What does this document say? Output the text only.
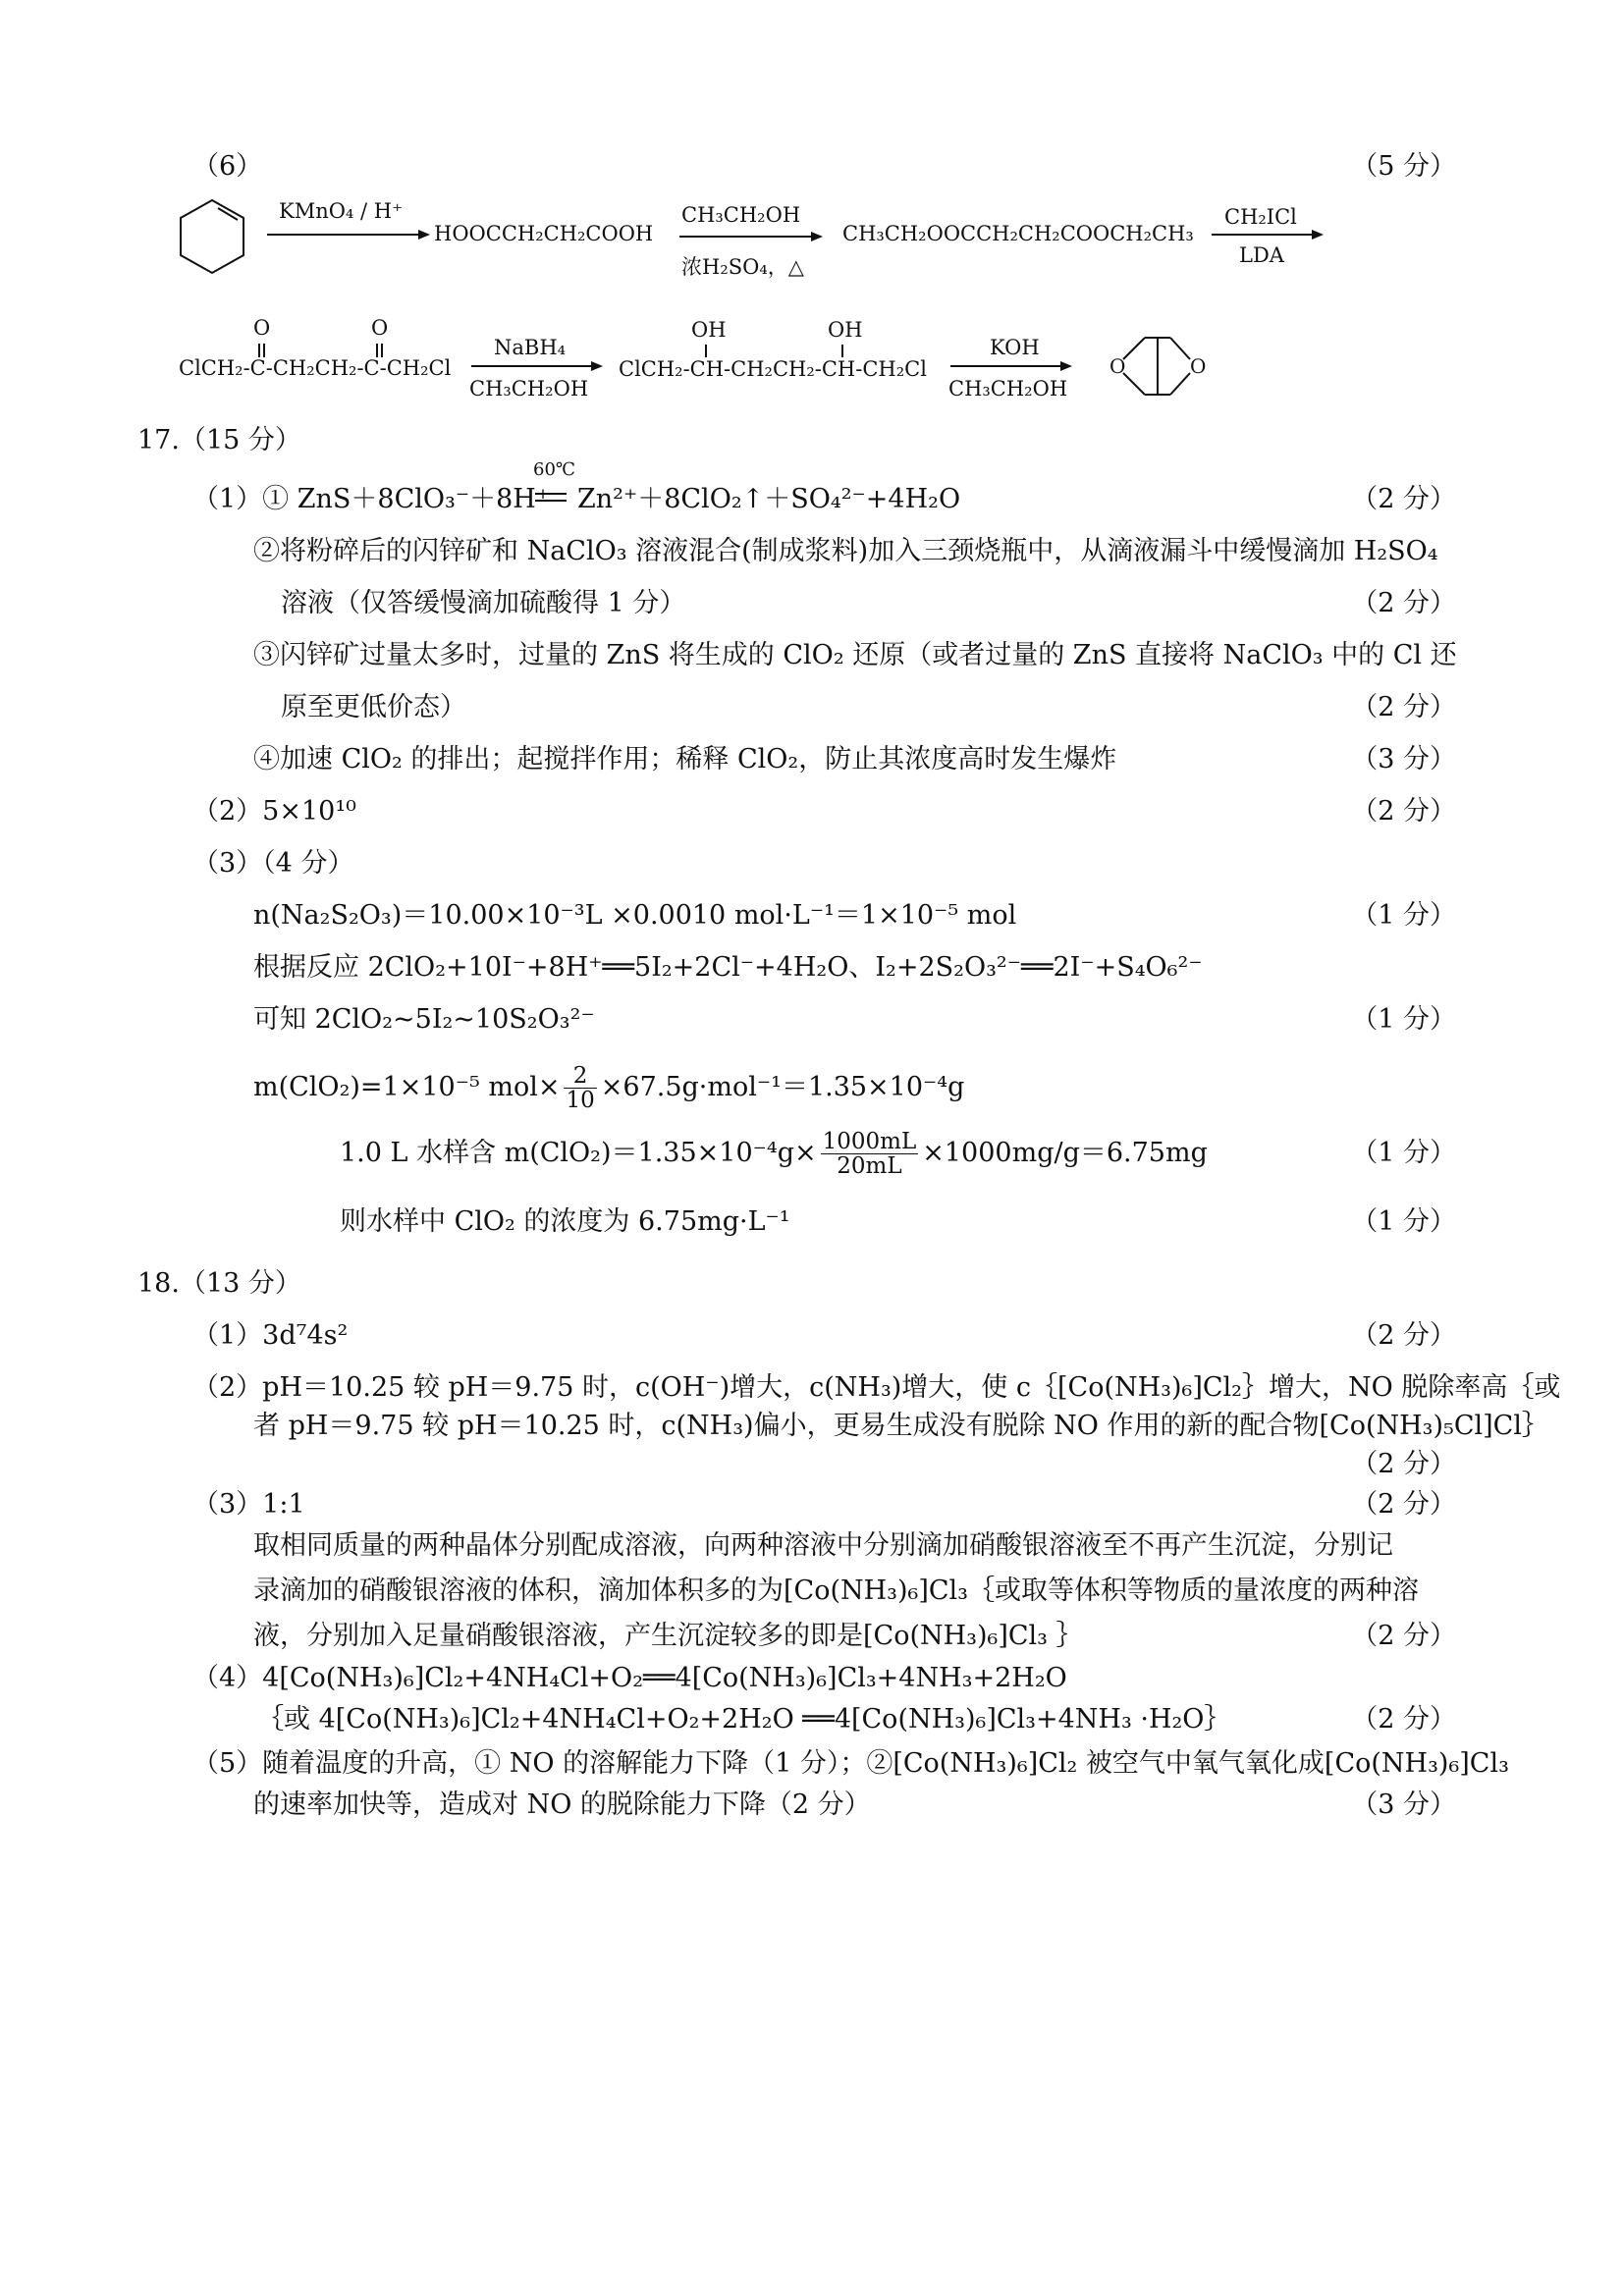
（6）	（5 分）
KMnO₄ / H⁺
HOOCCH₂CH₂COOH
CH₃CH₂OH
浓H₂SO₄，△
CH₃CH₂OOCCH₂CH₂COOCH₂CH₃
CH₂ICl
LDA
O	O
ClCH₂-C-CH₂CH₂-C-CH₂Cl
NaBH₄
CH₃CH₂OH
OH	OH
ClCH₂-CH-CH₂CH₂-CH-CH₂Cl
KOH
CH₃CH₂OH
O	O
17.（15 分）
（1）① ZnS＋8ClO₃⁻＋8H⁺
60℃
Zn²⁺＋8ClO₂↑＋SO₄²⁻+4H₂O	（2 分）
②将粉碎后的闪锌矿和 NaClO₃ 溶液混合(制成浆料)加入三颈烧瓶中，从滴液漏斗中缓慢滴加 H₂SO₄
溶液（仅答缓慢滴加硫酸得 1 分）	（2 分）
③闪锌矿过量太多时，过量的 ZnS 将生成的 ClO₂ 还原（或者过量的 ZnS 直接将 NaClO₃ 中的 Cl 还
原至更低价态）	（2 分）
④加速 ClO₂ 的排出；起搅拌作用；稀释 ClO₂，防止其浓度高时发生爆炸	（3 分）
（2）5×10¹⁰	（2 分）
（3）（4 分）
n(Na₂S₂O₃)＝10.00×10⁻³L ×0.0010 mol·L⁻¹＝1×10⁻⁵ mol	（1 分）
根据反应 2ClO₂+10I⁻+8H⁺══5I₂+2Cl⁻+4H₂O、I₂+2S₂O₃²⁻══2I⁻+S₄O₆²⁻
可知 2ClO₂~5I₂~10S₂O₃²⁻	（1 分）
m(ClO₂)=1×10⁻⁵ $mol\times \frac{2}{10} \times 67.5g\cdot mol^{-1}=1.35\times 10^{-4}g$
1.0 L 水样含 $m(ClO_2)=1.35\times 10^{-4}g\times \frac{1000mL}{20mL} \times 1000mg/g=6.75mg$	（1 分）
则水样中 ClO₂ 的浓度为 6.75mg·L⁻¹	（1 分）
18.（13 分）
（1）3d⁷4s²	（2 分）
（2）pH＝10.25 较 pH＝9.75 时，c(OH⁻)增大，c(NH₃)增大，使 c｛[Co(NH₃)₆]Cl₂｝增大，NO 脱除率高｛或
者 pH＝9.75 较 pH＝10.25 时，c(NH₃)偏小，更易生成没有脱除 NO 作用的新的配合物[Co(NH₃)₅Cl]Cl｝
（2 分）
（3）1:1	（2 分）
取相同质量的两种晶体分别配成溶液，向两种溶液中分别滴加硝酸银溶液至不再产生沉淀，分别记
录滴加的硝酸银溶液的体积，滴加体积多的为[Co(NH₃)₆]Cl₃｛或取等体积等物质的量浓度的两种溶
液，分别加入足量硝酸银溶液，产生沉淀较多的即是[Co(NH₃)₆]Cl₃ ｝	（2 分）
（4）4[Co(NH₃)₆]Cl₂+4NH₄Cl+O₂══4[Co(NH₃)₆]Cl₃+4NH₃+2H₂O
｛或 4[Co(NH₃)₆]Cl₂+4NH₄Cl+O₂+2H₂O ══4[Co(NH₃)₆]Cl₃+4NH₃ ·H₂O｝	（2 分）
（5）随着温度的升高，① NO 的溶解能力下降（1 分）；②[Co(NH₃)₆]Cl₂ 被空气中氧气氧化成[Co(NH₃)₆]Cl₃
的速率加快等，造成对 NO 的脱除能力下降（2 分）	（3 分）
